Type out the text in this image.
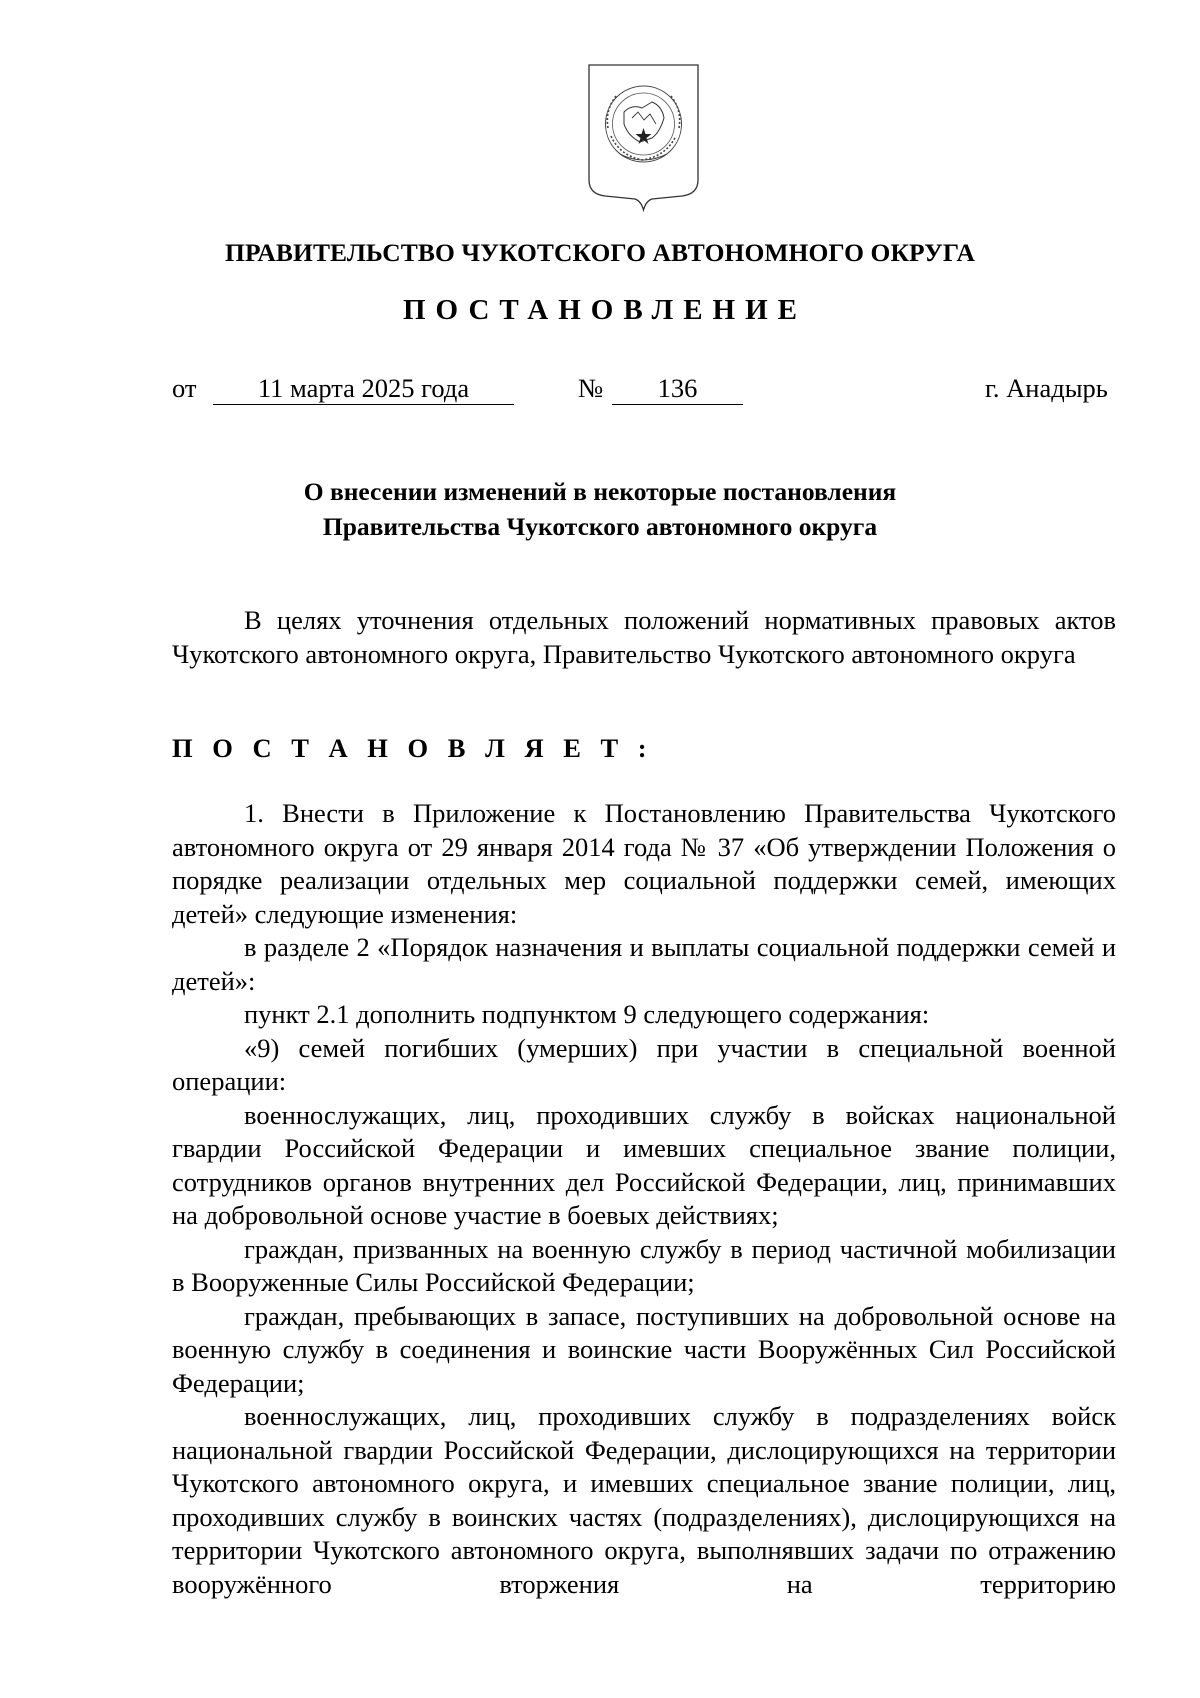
ПРАВИТЕЛЬСТВО ЧУКОТСКОГО АВТОНОМНОГО ОКРУГА
ПОСТАНОВЛЕНИЕ
от	11 марта 2025 года	№	136	г. Анадырь
О внесении изменений в некоторые постановления
Правительства Чукотского автономного округа

В целях уточнения отдельных положений нормативных правовых актов Чукотского автономного округа, Правительство Чукотского автономного округа

П О С Т А Н О В Л Я Е Т :

1. Внести в Приложение к Постановлению Правительства Чукотского автономного округа от 29 января 2014 года № 37 «Об утверждении Положения о порядке реализации отдельных мер социальной поддержки семей, имеющих детей» следующие изменения:

в разделе 2 «Порядок назначения и выплаты социальной поддержки семей и детей»:

пункт 2.1 дополнить подпунктом 9 следующего содержания:

«9) семей погибших (умерших) при участии в специальной военной операции:

военнослужащих, лиц, проходивших службу в войсках национальной гвардии Российской Федерации и имевших специальное звание полиции, сотрудников органов внутренних дел Российской Федерации, лиц, принимавших на добровольной основе участие в боевых действиях;

граждан, призванных на военную службу в период частичной мобилизации в Вооруженные Силы Российской Федерации;

граждан, пребывающих в запасе, поступивших на добровольной основе на военную службу в соединения и воинские части Вооружённых Сил Российской Федерации;

военнослужащих, лиц, проходивших службу в подразделениях войск национальной гвардии Российской Федерации, дислоцирующихся на территории Чукотского автономного округа, и имевших специальное звание полиции, лиц, проходивших службу в воинских частях (подразделениях), дислоцирующихся на территории Чукотского автономного округа, выполнявших задачи по отражению вооружённого вторжения на территорию
